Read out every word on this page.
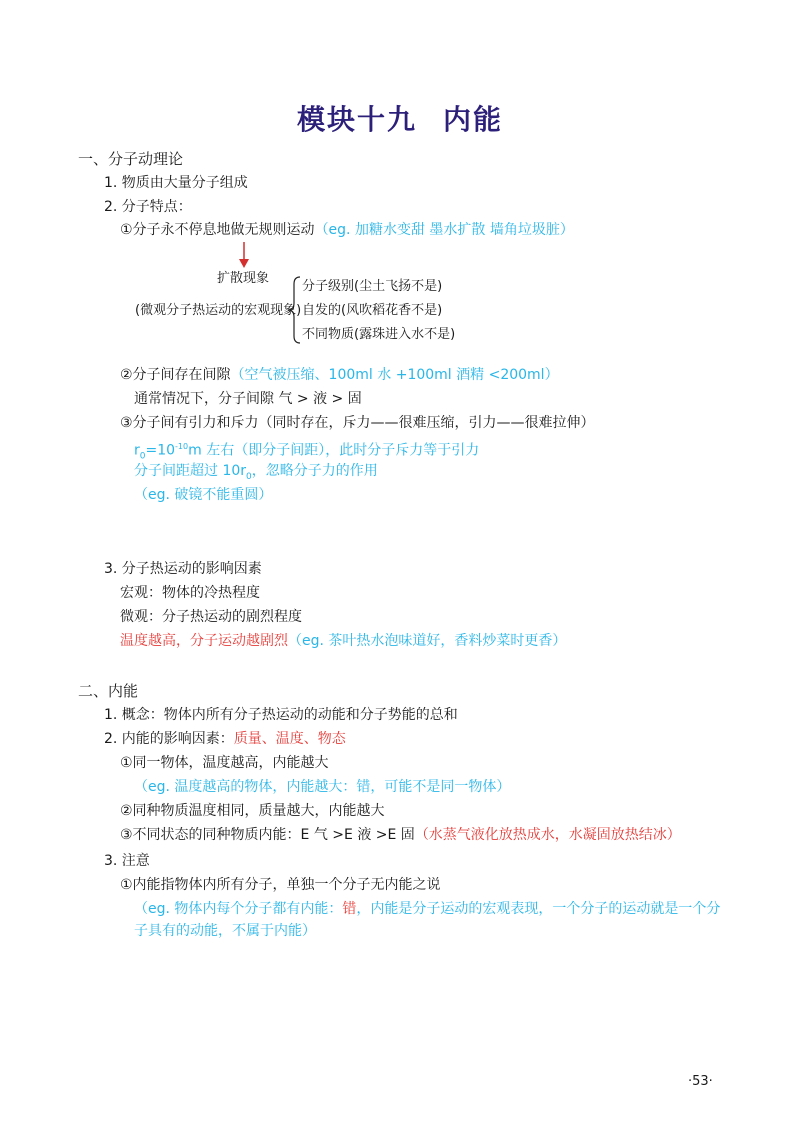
模块十九 内能
一、分子动理论
1. 物质由大量分子组成
2. 分子特点：
①分子永不停息地做无规则运动（eg. 加糖水变甜 墨水扩散 墙角垃圾脏）
扩散现象
(微观分子热运动的宏观现象)
分子级别(尘土飞扬不是)
自发的(风吹稻花香不是)
不同物质(露珠进入水不是)
②分子间存在间隙（空气被压缩、100ml 水 +100ml 酒精 <200ml）
通常情况下，分子间隙 气 > 液 > 固
③分子间有引力和斥力（同时存在，斥力——很难压缩，引力——很难拉伸）
$r_0=10^{-10}m$ 左右（即分子间距），此时分子斥力等于引力
分子间距超过 $10r_0$，忽略分子力的作用
（eg. 破镜不能重圆）
3. 分子热运动的影响因素
宏观：物体的冷热程度
微观：分子热运动的剧烈程度
温度越高，分子运动越剧烈（eg. 茶叶热水泡味道好，香料炒菜时更香）
二、内能
1. 概念：物体内所有分子热运动的动能和分子势能的总和
2. 内能的影响因素：质量、温度、物态
①同一物体，温度越高，内能越大
（eg. 温度越高的物体，内能越大：错，可能不是同一物体）
②同种物质温度相同，质量越大，内能越大
③不同状态的同种物质内能：E 气 >E 液 >E 固（水蒸气液化放热成水，水凝固放热结冰）
3. 注意
①内能指物体内所有分子，单独一个分子无内能之说
（eg. 物体内每个分子都有内能：错，内能是分子运动的宏观表现，一个分子的运动就是一个分
子具有的动能，不属于内能）
·53·
